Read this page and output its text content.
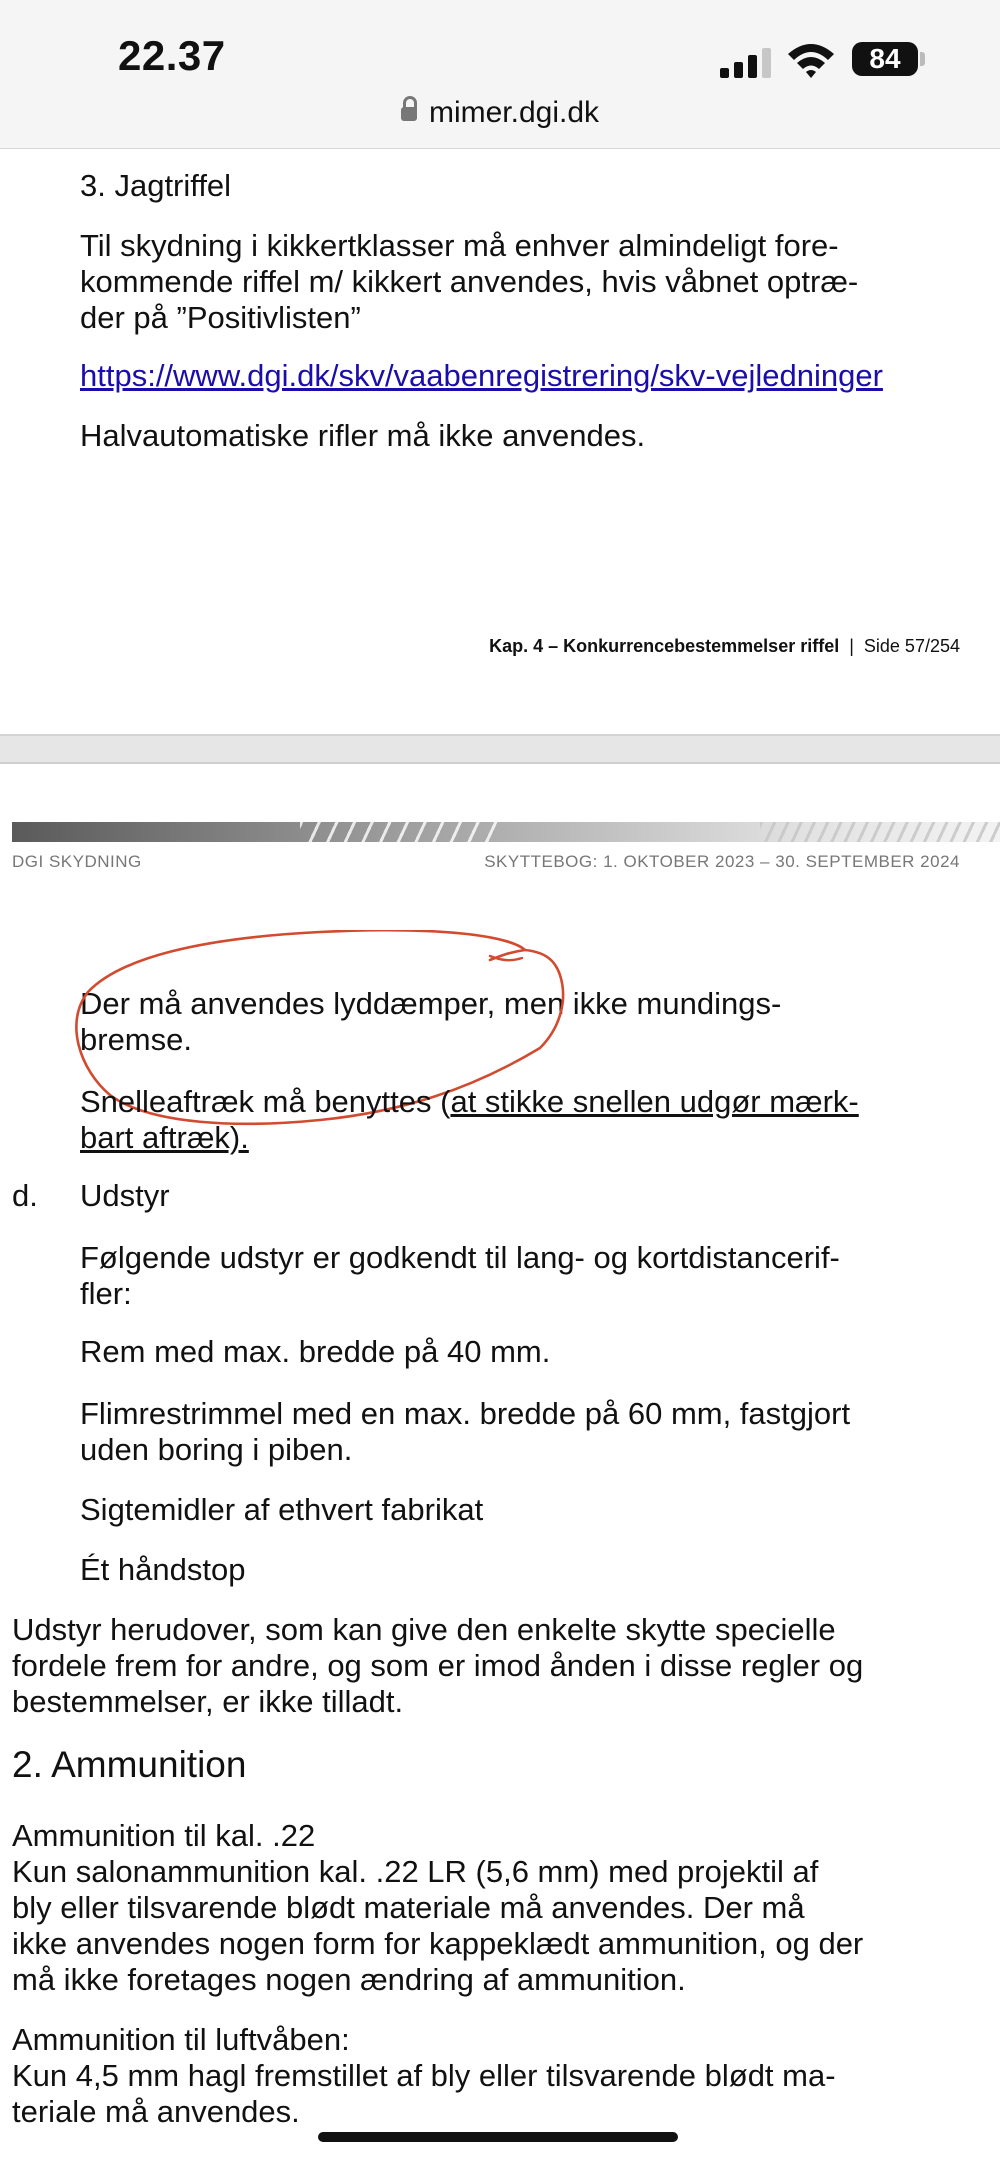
22.37	84
mimer.dgi.dk

3. Jagtriffel

Til skydning i kikkertklasser må enhver almindeligt fore-
kommende riffel m/ kikkert anvendes, hvis våbnet optræ-
der på ”Positivlisten”

https://www.dgi.dk/skv/vaabenregistrering/skv-vejledninger

Halvautomatiske rifler må ikke anvendes.

Kap. 4 – Konkurrencebestemmelser riffel | Side 57/254
DGI SKYDNING	SKYTTEBOG: 1. OKTOBER 2023 – 30. SEPTEMBER 2024

Der må anvendes lyddæmper, men ikke mundings-
bremse.

Snelleaftræk må benyttes (at stikke snellen udgør mærk-
bart aftræk).

d. Udstyr

Følgende udstyr er godkendt til lang- og kortdistancerif-
fler:

Rem med max. bredde på 40 mm.

Flimrestrimmel med en max. bredde på 60 mm, fastgjort
uden boring i piben.

Sigtemidler af ethvert fabrikat

Ét håndstop

Udstyr herudover, som kan give den enkelte skytte specielle
fordele frem for andre, og som er imod ånden i disse regler og
bestemmelser, er ikke tilladt.

2. Ammunition

Ammunition til kal. .22
Kun salonammunition kal. .22 LR (5,6 mm) med projektil af
bly eller tilsvarende blødt materiale må anvendes. Der må
ikke anvendes nogen form for kappeklædt ammunition, og der
må ikke foretages nogen ændring af ammunition.

Ammunition til luftvåben:
Kun 4,5 mm hagl fremstillet af bly eller tilsvarende blødt ma-
teriale må anvendes.
